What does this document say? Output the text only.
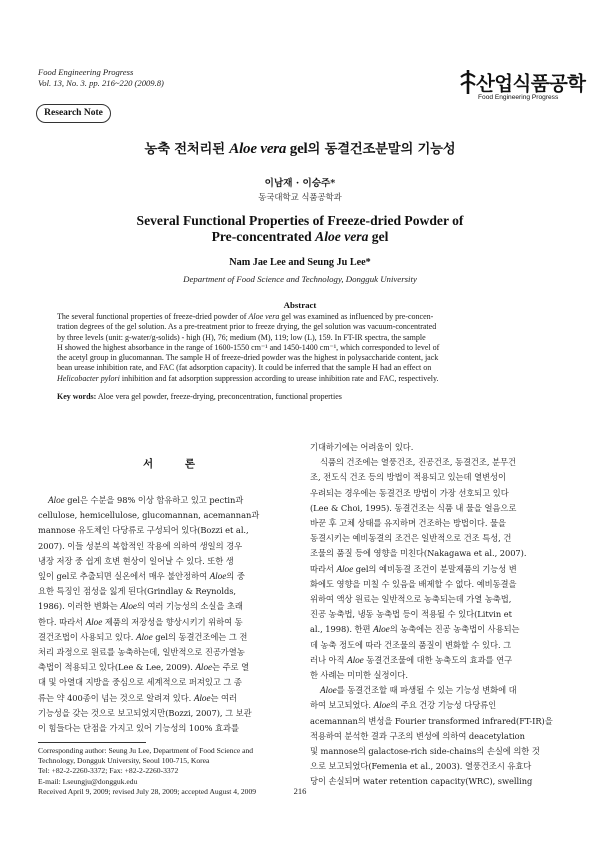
Food Engineering Progress
Vol. 13, No. 3. pp. 216~220 (2009.8)	산업식품공학
Food Engineering Progress
Research Note
농축 전처리된 Aloe vera gel의 동결건조분말의 기능성
이남재 · 이승주*
동국대학교 식품공학과
Several Functional Properties of Freeze-dried Powder of
Pre-concentrated Aloe vera gel
Nam Jae Lee and Seung Ju Lee*
Department of Food Science and Technology, Dongguk University
Abstract

The several functional properties of freeze-dried powder of Aloe vera gel was examined as influenced by pre-concen-

tration degrees of the gel solution. As a pre-treatment prior to freeze drying, the gel solution was vacuum-concentrated

by three levels (unit: g-water/g-solids) - high (H), 76; medium (M), 119; low (L), 159. In FT-IR spectra, the sample

H showed the highest absorbance in the range of 1600-1550 cm⁻¹ and 1450-1400 cm⁻¹, which corresponded to level of

the acetyl group in glucomannan. The sample H of freeze-dried powder was the highest in polysaccharide content, jack

bean urease inhibition rate, and FAC (fat adsorption capacity). It could be inferred that the sample H had an effect on

Helicobacter pylori inhibition and fat adsorption suppression according to urease inhibition rate and FAC, respectively.

Key words: Aloe vera gel powder, freeze-drying, preconcentration, functional properties
서 론

Aloe gel은 수분을 98% 이상 함유하고 있고 pectin과

cellulose, hemicellulose, glucomannan, acemannan과

mannose 유도체인 다당류로 구성되어 있다(Bozzi et al.,

2007). 이들 성분의 복합적인 작용에 의하여 생일의 경우

냉장 저장 중 쉽게 흐변 현상이 일어날 수 있다. 또한 생

잎이 gel로 추출되면 실온에서 매우 불안정하여 Aloe의 중

요한 특징인 점성을 잃게 된다(Grindlay & Reynolds,

1986). 이러한 변화는 Aloe의 여러 기능성의 소실을 초래

한다. 따라서 Aloe 제품의 저장성을 향상시키기 위하여 동

결건조법이 사용되고 있다. Aloe gel의 동결건조에는 그 전

처리 과정으로 원료를 농축하는데, 일반적으로 진공가열농

축법이 적용되고 있다(Lee & Lee, 2009). Aloe는 주로 열

대 및 아열대 지방을 중심으로 세계적으로 퍼져있고 그 종

류는 약 400종이 넘는 것으로 알려져 있다. Aloe는 여러

기능성을 갖는 것으로 보고되었지만(Bozzi, 2007), 그 보관

이 힘들다는 단점을 가지고 있어 기능성의 100% 효과를

기대하기에는 어려움이 있다.

식품의 건조에는 열풍건조, 진공건조, 동결건조, 분무건

조, 전도식 건조 등의 방법이 적용되고 있는데 열변성이

우려되는 경우에는 동결건조 방법이 가장 선호되고 있다

(Lee & Choi, 1995). 동결건조는 식품 내 물을 얼음으로

바꾼 후 고체 상태를 유지하며 건조하는 방법이다. 물을

동결시키는 예비동결의 조건은 일반적으로 건조 특성, 건

조물의 품질 등에 영향을 미친다(Nakagawa et al., 2007).

따라서 Aloe gel의 예비동결 조건이 분말제품의 기능성 변

화에도 영향을 미칠 수 있음을 배제할 수 없다. 예비동결을

위하여 액상 원료는 일반적으로 농축되는데 가열 농축법,

진공 농축법, 냉동 농축법 등이 적용될 수 있다(Litvin et

al., 1998). 한편 Aloe의 농축에는 진공 농축법이 사용되는

데 농축 정도에 따라 건조물의 품질이 변화할 수 있다. 그

러나 아직 Aloe 동결건조물에 대한 농축도의 효과를 연구

한 사례는 미미한 실정이다.

Aloe를 동결건조할 때 파생될 수 있는 기능성 변화에 대

하여 보고되었다. Aloe의 주요 건강 기능성 다당류인

acemannan의 변성을 Fourier transformed infrared(FT-IR)을

적용하여 분석한 결과 구조의 변성에 의하여 deacetylation

및 mannose의 galactose-rich side-chains의 손실에 의한 것

으로 보고되었다(Femenia et al., 2003). 열풍건조시 유효다

당이 손실되며 water retention capacity(WRC), swelling

Corresponding author: Seung Ju Lee, Department of Food Science and

Technology, Dongguk University, Seoul 100-715, Korea

Tel: +82-2-2260-3372; Fax: +82-2-2260-3372

E-mail: Lseungju@dongguk.edu

Received April 9, 2009; revised July 28, 2009; accepted August 4, 2009	216
